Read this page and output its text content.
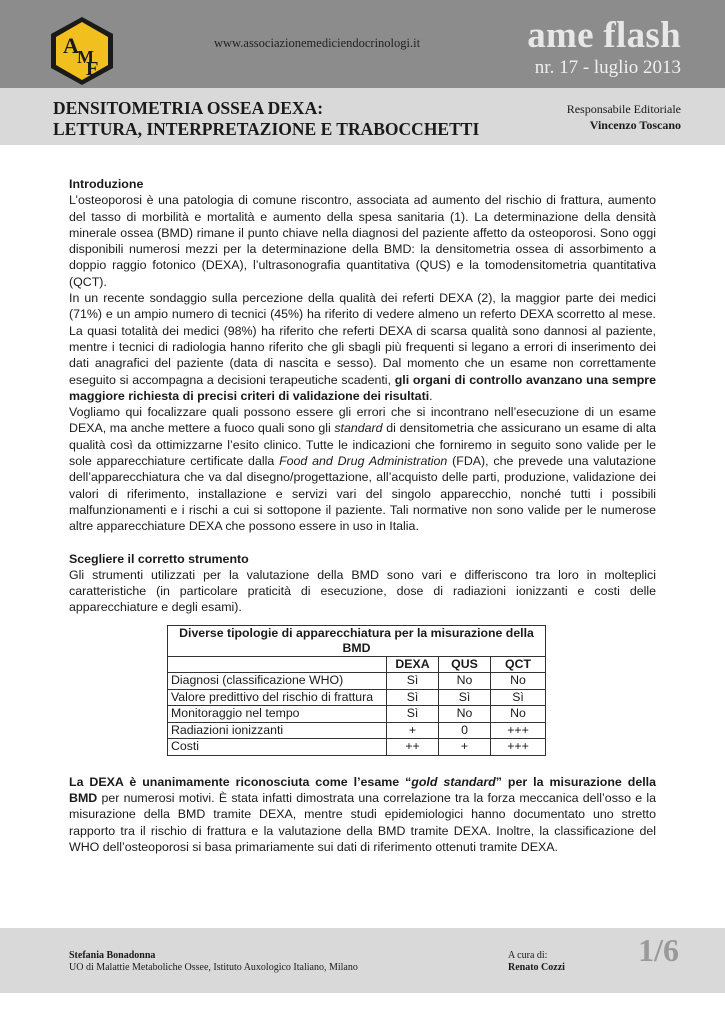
A
M
E
www.associazionemediciendocrinologi.it	ame flash
nr. 17 - luglio 2013
DENSITOMETRIA OSSEA DEXA:
LETTURA, INTERPRETAZIONE E TRABOCCHETTI
Responsabile Editoriale
Vincenzo Toscano

Introduzione

L’osteoporosi è una patologia di comune riscontro, associata ad aumento del rischio di frattura, aumento del tasso di morbilità e mortalità e aumento della spesa sanitaria (1). La determinazione della densità minerale ossea (BMD) rimane il punto chiave nella diagnosi del paziente affetto da osteoporosi. Sono oggi disponibili numerosi mezzi per la determinazione della BMD: la densitometria ossea di assorbimento a doppio raggio fotonico (DEXA), l’ultrasonografia quantitativa (QUS) e la tomodensitometria quantitativa (QCT).

In un recente sondaggio sulla percezione della qualità dei referti DEXA (2), la maggior parte dei medici (71%) e un ampio numero di tecnici (45%) ha riferito di vedere almeno un referto DEXA scorretto al mese. La quasi totalità dei medici (98%) ha riferito che referti DEXA di scarsa qualità sono dannosi al paziente, mentre i tecnici di radiologia hanno riferito che gli sbagli più frequenti si legano a errori di inserimento dei dati anagrafici del paziente (data di nascita e sesso). Dal momento che un esame non correttamente eseguito si accompagna a decisioni terapeutiche scadenti, gli organi di controllo avanzano una sempre maggiore richiesta di precisi criteri di validazione dei risultati.

Vogliamo qui focalizzare quali possono essere gli errori che si incontrano nell’esecuzione di un esame DEXA, ma anche mettere a fuoco quali sono gli standard di densitometria che assicurano un esame di alta qualità così da ottimizzarne l’esito clinico. Tutte le indicazioni che forniremo in seguito sono valide per le sole apparecchiature certificate dalla Food and Drug Administration (FDA), che prevede una valutazione dell’apparecchiatura che va dal disegno/progettazione, all’acquisto delle parti, produzione, validazione dei valori di riferimento, installazione e servizi vari del singolo apparecchio, nonché tutti i possibili malfunzionamenti e i rischi a cui si sottopone il paziente. Tali normative non sono valide per le numerose altre apparecchiature DEXA che possono essere in uso in Italia.

Scegliere il corretto strumento

Gli strumenti utilizzati per la valutazione della BMD sono vari e differiscono tra loro in molteplici caratteristiche (in particolare praticità di esecuzione, dose di radiazioni ionizzanti e costi delle apparecchiature e degli esami).

Diverse tipologie di apparecchiatura per la misurazione della BMD			
	DEXA	QUS	QCT
Diagnosi (classificazione WHO)	Sì	No	No
Valore predittivo del rischio di frattura	Sì	Sì	Sì
Monitoraggio nel tempo	Sì	No	No
Radiazioni ionizzanti	+	0	+++
Costi	++	+	+++

La DEXA è unanimamente riconosciuta come l’esame “gold standard” per la misurazione della BMD per numerosi motivi. È stata infatti dimostrata una correlazione tra la forza meccanica dell’osso e la misurazione della BMD tramite DEXA, mentre studi epidemiologici hanno documentato uno stretto rapporto tra il rischio di frattura e la valutazione della BMD tramite DEXA. Inoltre, la classificazione del WHO dell’osteoporosi si basa primariamente sui dati di riferimento ottenuti tramite DEXA.

Stefania Bonadonna
UO di Malattie Metaboliche Ossee, Istituto Auxologico Italiano, Milano
A cura di:
Renato Cozzi 1/6
